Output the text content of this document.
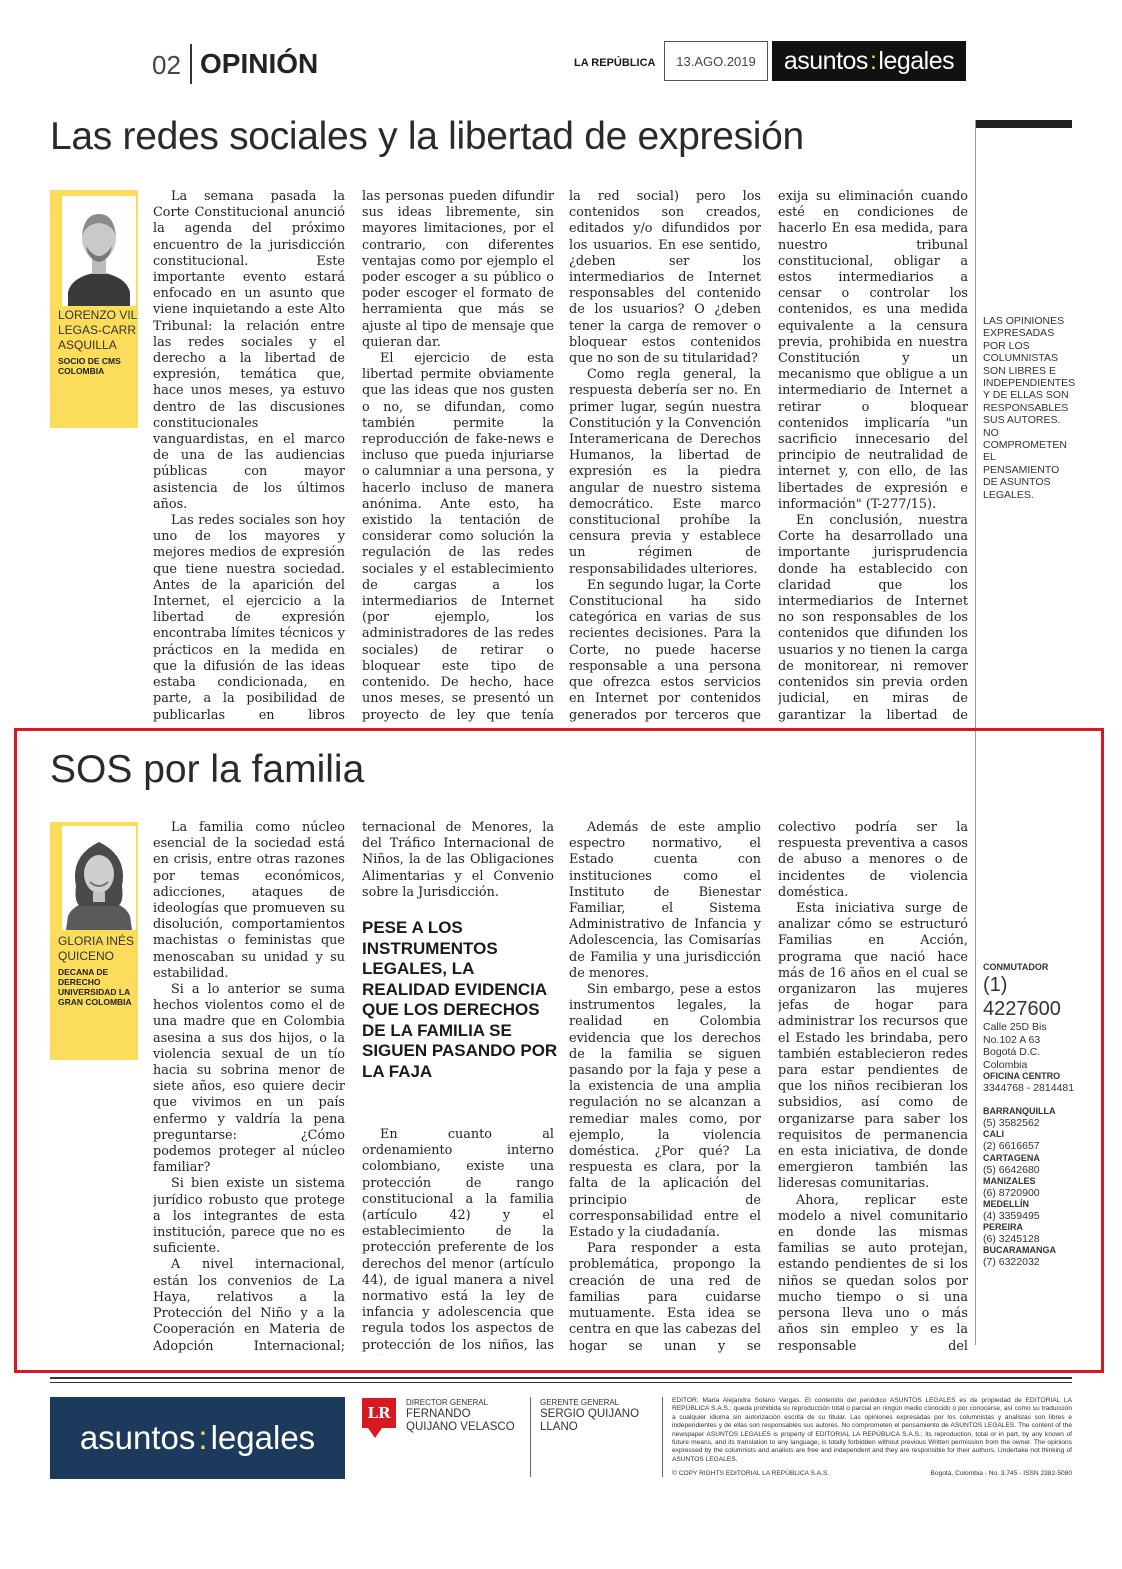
02 OPINIÓN	LA REPÚBLICA	13.AGO.2019	asuntos : legales
Las redes sociales y la libertad de expresión
LORENZO VILLEGAS-CARRASQUILLA
SOCIO DE CMS COLOMBIA

La semana pasada la Corte Constitucional anunció la agenda del próximo encuentro de la jurisdicción constitucional. Este importante evento estará enfocado en un asunto que viene inquietando a este Alto Tribunal: la relación entre las redes sociales y el derecho a la libertad de expresión, temática que, hace unos meses, ya estuvo dentro de las discusiones constitucionales vanguardistas, en el marco de una de las audiencias públicas con mayor asistencia de los últimos años.

Las redes sociales son hoy uno de los mayores y mejores medios de expresión que tiene nuestra sociedad. Antes de la aparición del Internet, el ejercicio a la libertad de expresión encontraba límites técnicos y prácticos en la medida en que la difusión de las ideas estaba condicionada, en parte, a la posibilidad de publicarlas en libros

las personas pueden difundir sus ideas libremente, sin mayores limitaciones, por el contrario, con diferentes ventajas como por ejemplo el poder escoger a su público o poder escoger el formato de herramienta que más se ajuste al tipo de mensaje que quieran dar.

El ejercicio de esta libertad permite obviamente que las ideas que nos gusten o no, se difundan, como también permite la reproducción de fake-news e incluso que pueda injuriarse o calumniar a una persona, y hacerlo incluso de manera anónima. Ante esto, ha existido la tentación de considerar como solución la regulación de las redes sociales y el establecimiento de cargas a los intermediarios de Internet (por ejemplo, los administradores de las redes sociales) de retirar o bloquear este tipo de contenido. De hecho, hace unos meses, se presentó un proyecto de ley que tenía

la red social) pero los contenidos son creados, editados y/o difundidos por los usuarios. En ese sentido, ¿deben ser los intermediarios de Internet responsables del contenido de los usuarios? O ¿deben tener la carga de remover o bloquear estos contenidos que no son de su titularidad?

Como regla general, la respuesta debería ser no. En primer lugar, según nuestra Constitución y la Convención Interamericana de Derechos Humanos, la libertad de expresión es la piedra angular de nuestro sistema democrático. Este marco constitucional prohíbe la censura previa y establece un régimen de responsabilidades ulteriores.

En segundo lugar, la Corte Constitucional ha sido categórica en varias de sus recientes decisiones. Para la Corte, no puede hacerse responsable a una persona que ofrezca estos servicios en Internet por contenidos generados por terceros que

exija su eliminación cuando esté en condiciones de hacerlo En esa medida, para nuestro tribunal constitucional, obligar a estos intermediarios a censar o controlar los contenidos, es una medida equivalente a la censura previa, prohibida en nuestra Constitución y un mecanismo que obligue a un intermediario de Internet a retirar o bloquear contenidos implicaría "un sacrificio innecesario del principio de neutralidad de internet y, con ello, de las libertades de expresión e información" (T-277/15).

En conclusión, nuestra Corte ha desarrollado una importante jurisprudencia donde ha establecido con claridad que los intermediarios de Internet no son responsables de los contenidos que difunden los usuarios y no tienen la carga de monitorear, ni remover contenidos sin previa orden judicial, en miras de garantizar la libertad de

LAS OPINIONES EXPRESADAS POR LOS COLUMNISTAS SON LIBRES E INDEPENDIENTES Y DE ELLAS SON RESPONSABLES SUS AUTORES. NO COMPROMETEN EL PENSAMIENTO DE ASUNTOS LEGALES.
CONMUTADOR
(1) 4227600
Calle 25D Bis
No.102 A 63
Bogotá D.C.
Colombia
OFICINA CENTRO
3344768 - 2814481
BARRANQUILLA
(5) 3582562
CALI
(2) 6616657
CARTAGENA
(5) 6642680
MANIZALES
(6) 8720900
MEDELLÍN
(4) 3359495
PEREIRA
(6) 3245128
BUCARAMANGA
(7) 6322032
SOS por la familia
GLORIA INÉS QUICENO
DECANA DE DERECHO UNIVERSIDAD LA GRAN COLOMBIA

La familia como núcleo esencial de la sociedad está en crisis, entre otras razones por temas económicos, adicciones, ataques de ideologías que promueven su disolución, comportamientos machistas o feministas que menoscaban su unidad y su estabilidad.

Si a lo anterior se suma hechos violentos como el de una madre que en Colombia asesina a sus dos hijos, o la violencia sexual de un tío hacia su sobrina menor de siete años, eso quiere decir que vivimos en un país enfermo y valdría la pena preguntarse: ¿Cómo podemos proteger al núcleo familiar?

Si bien existe un sistema jurídico robusto que protege a los integrantes de esta institución, parece que no es suficiente.

A nivel internacional, están los convenios de La Haya, relativos a la Protección del Niño y a la Cooperación en Materia de Adopción Internacional;

ternacional de Menores, la del Tráfico Internacional de Niños, la de las Obligaciones Alimentarias y el Convenio sobre la Jurisdicción.

PESE A LOS INSTRUMENTOS LEGALES, LA REALIDAD EVIDENCIA QUE LOS DERECHOS DE LA FAMILIA SE SIGUEN PASANDO POR LA FAJA

En cuanto al ordenamiento interno colombiano, existe una protección de rango constitucional a la familia (artículo 42) y el establecimiento de la protección preferente de los derechos del menor (artículo 44), de igual manera a nivel normativo está la ley de infancia y adolescencia que regula todos los aspectos de protección de los niños, las

Además de este amplio espectro normativo, el Estado cuenta con instituciones como el Instituto de Bienestar Familiar, el Sistema Administrativo de Infancia y Adolescencia, las Comisarías de Familia y una jurisdicción de menores.

Sin embargo, pese a estos instrumentos legales, la realidad en Colombia evidencia que los derechos de la familia se siguen pasando por la faja y pese a la existencia de una amplia regulación no se alcanzan a remediar males como, por ejemplo, la violencia doméstica. ¿Por qué? La respuesta es clara, por la falta de la aplicación del principio de corresponsabilidad entre el Estado y la ciudadanía.

Para responder a esta problemática, propongo la creación de una red de familias para cuidarse mutuamente. Esta idea se centra en que las cabezas del hogar se unan y se

colectivo podría ser la respuesta preventiva a casos de abuso a menores o de incidentes de violencia doméstica.

Esta iniciativa surge de analizar cómo se estructuró Familias en Acción, programa que nació hace más de 16 años en el cual se organizaron las mujeres jefas de hogar para administrar los recursos que el Estado les brindaba, pero también establecieron redes para estar pendientes de que los niños recibieran los subsidios, así como de organizarse para saber los requisitos de permanencia en esta iniciativa, de donde emergieron también las lideresas comunitarias.

Ahora, replicar este modelo a nivel comunitario en donde las mismas familias se auto protejan, estando pendientes de si los niños se quedan solos por mucho tiempo o si una persona lleva uno o más años sin empleo y es la responsable del

asuntos : legales
LR
DIRECTOR GENERAL
FERNANDO QUIJANO VELASCO
GERENTE GENERAL
SERGIO QUIJANO LLANO
EDITOR: María Alejandra Solano Vargas. El contenido del periódico ASUNTOS LEGALES es de propiedad de EDITORIAL LA REPÚBLICA S.A.S.; queda prohibida su reproducción total o parcial en ningún medio conocido o por conocerse, así como su traducción a cualquier idioma sin autorización escrita de su titular. Las opiniones expresadas por los columnistas y analistas son libres e independientes y de ellas son responsables sus autores. No comprometen el pensamiento de ASUNTOS LEGALES. The content of the newspaper ASUNTOS LEGALES is property of EDITORIAL LA REPÚBLICA S.A.S.; its reproduction, total or in part, by any known of future means, and its translation to any language, is totally forbidden without previous Written permission from the owner. The opinions expressed by the columnists and analists are free and independent and they are responsible for their authors. Undertake not thinking of ASUNTOS LEGALES.
© COPY RIGHTS EDITORIAL LA REPÚBLICA S.A.S.	Bogotá, Colombia - No. 3.745 - ISSN 2382-5080
